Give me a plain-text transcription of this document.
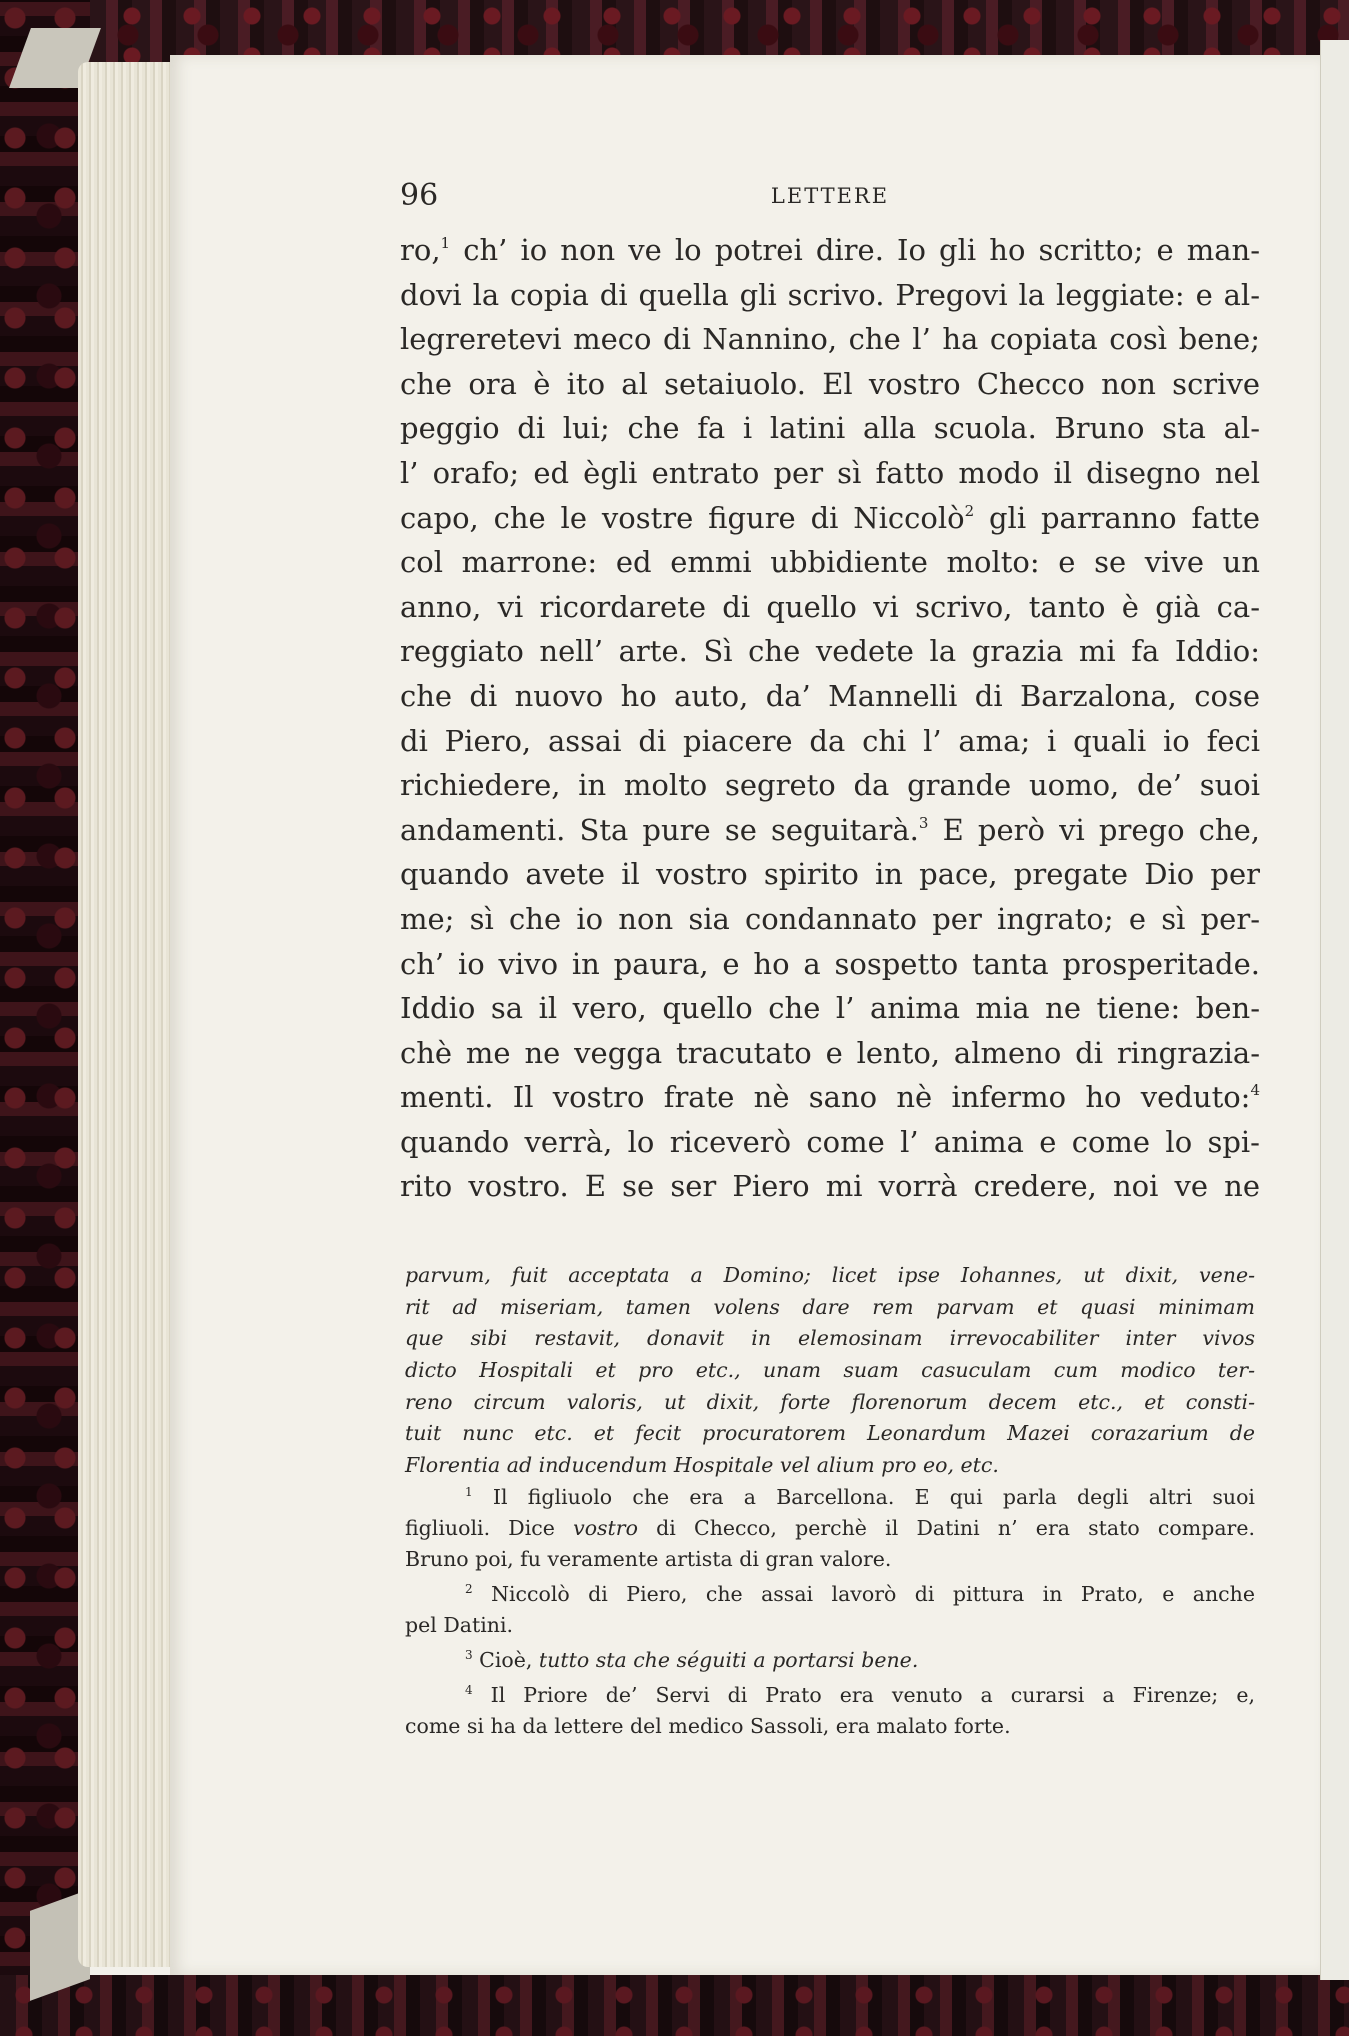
96	LETTERE
ro,$^1$ ch’ io non ve lo potrei dire. Io gli ho scritto; e man-
dovi la copia di quella gli scrivo. Pregovi la leggiate: e al-
legreretevi meco di Nannino, che l’ ha copiata così bene;
che ora è ito al setaiuolo. El vostro Checco non scrive
peggio di lui; che fa i latini alla scuola. Bruno sta al-
l’ orafo; ed ègli entrato per sì fatto modo il disegno nel
capo, che le vostre figure di Niccolò$^2$ gli parranno fatte
col marrone: ed emmi ubbidiente molto: e se vive un
anno, vi ricordarete di quello vi scrivo, tanto è già ca-
reggiato nell’ arte. Sì che vedete la grazia mi fa Iddio:
che di nuovo ho auto, da’ Mannelli di Barzalona, cose
di Piero, assai di piacere da chi l’ ama; i quali io feci
richiedere, in molto segreto da grande uomo, de’ suoi
andamenti. Sta pure se seguitarà.$^3$ E però vi prego che,
quando avete il vostro spirito in pace, pregate Dio per
me; sì che io non sia condannato per ingrato; e sì per-
ch’ io vivo in paura, e ho a sospetto tanta prosperitade.
Iddio sa il vero, quello che l’ anima mia ne tiene: ben-
chè me ne vegga tracutato e lento, almeno di ringrazia-
menti. Il vostro frate nè sano nè infermo ho veduto:$^4$
quando verrà, lo riceverò come l’ anima e come lo spi-
rito vostro. E se ser Piero mi vorrà credere, noi ve ne
parvum, fuit acceptata a Domino; licet ipse Iohannes, ut dixit, vene-
rit ad miseriam, tamen volens dare rem parvam et quasi minimam
que sibi restavit, donavit in elemosinam irrevocabiliter inter vivos
dicto Hospitali et pro etc., unam suam casuculam cum modico ter-
reno circum valoris, ut dixit, forte florenorum decem etc., et consti-
tuit nunc etc. et fecit procuratorem Leonardum Mazei corazarium de
Florentia ad inducendum Hospitale vel alium pro eo, etc.
$^1$ Il figliuolo che era a Barcellona. E qui parla degli altri suoi
figliuoli. Dice vostro di Checco, perchè il Datini n’ era stato compare.
Bruno poi, fu veramente artista di gran valore.
$^2$ Niccolò di Piero, che assai lavorò di pittura in Prato, e anche
pel Datini.
$^3$ Cioè, tutto sta che séguiti a portarsi bene.
$^4$ Il Priore de’ Servi di Prato era venuto a curarsi a Firenze; e,
come si ha da lettere del medico Sassoli, era malato forte.
